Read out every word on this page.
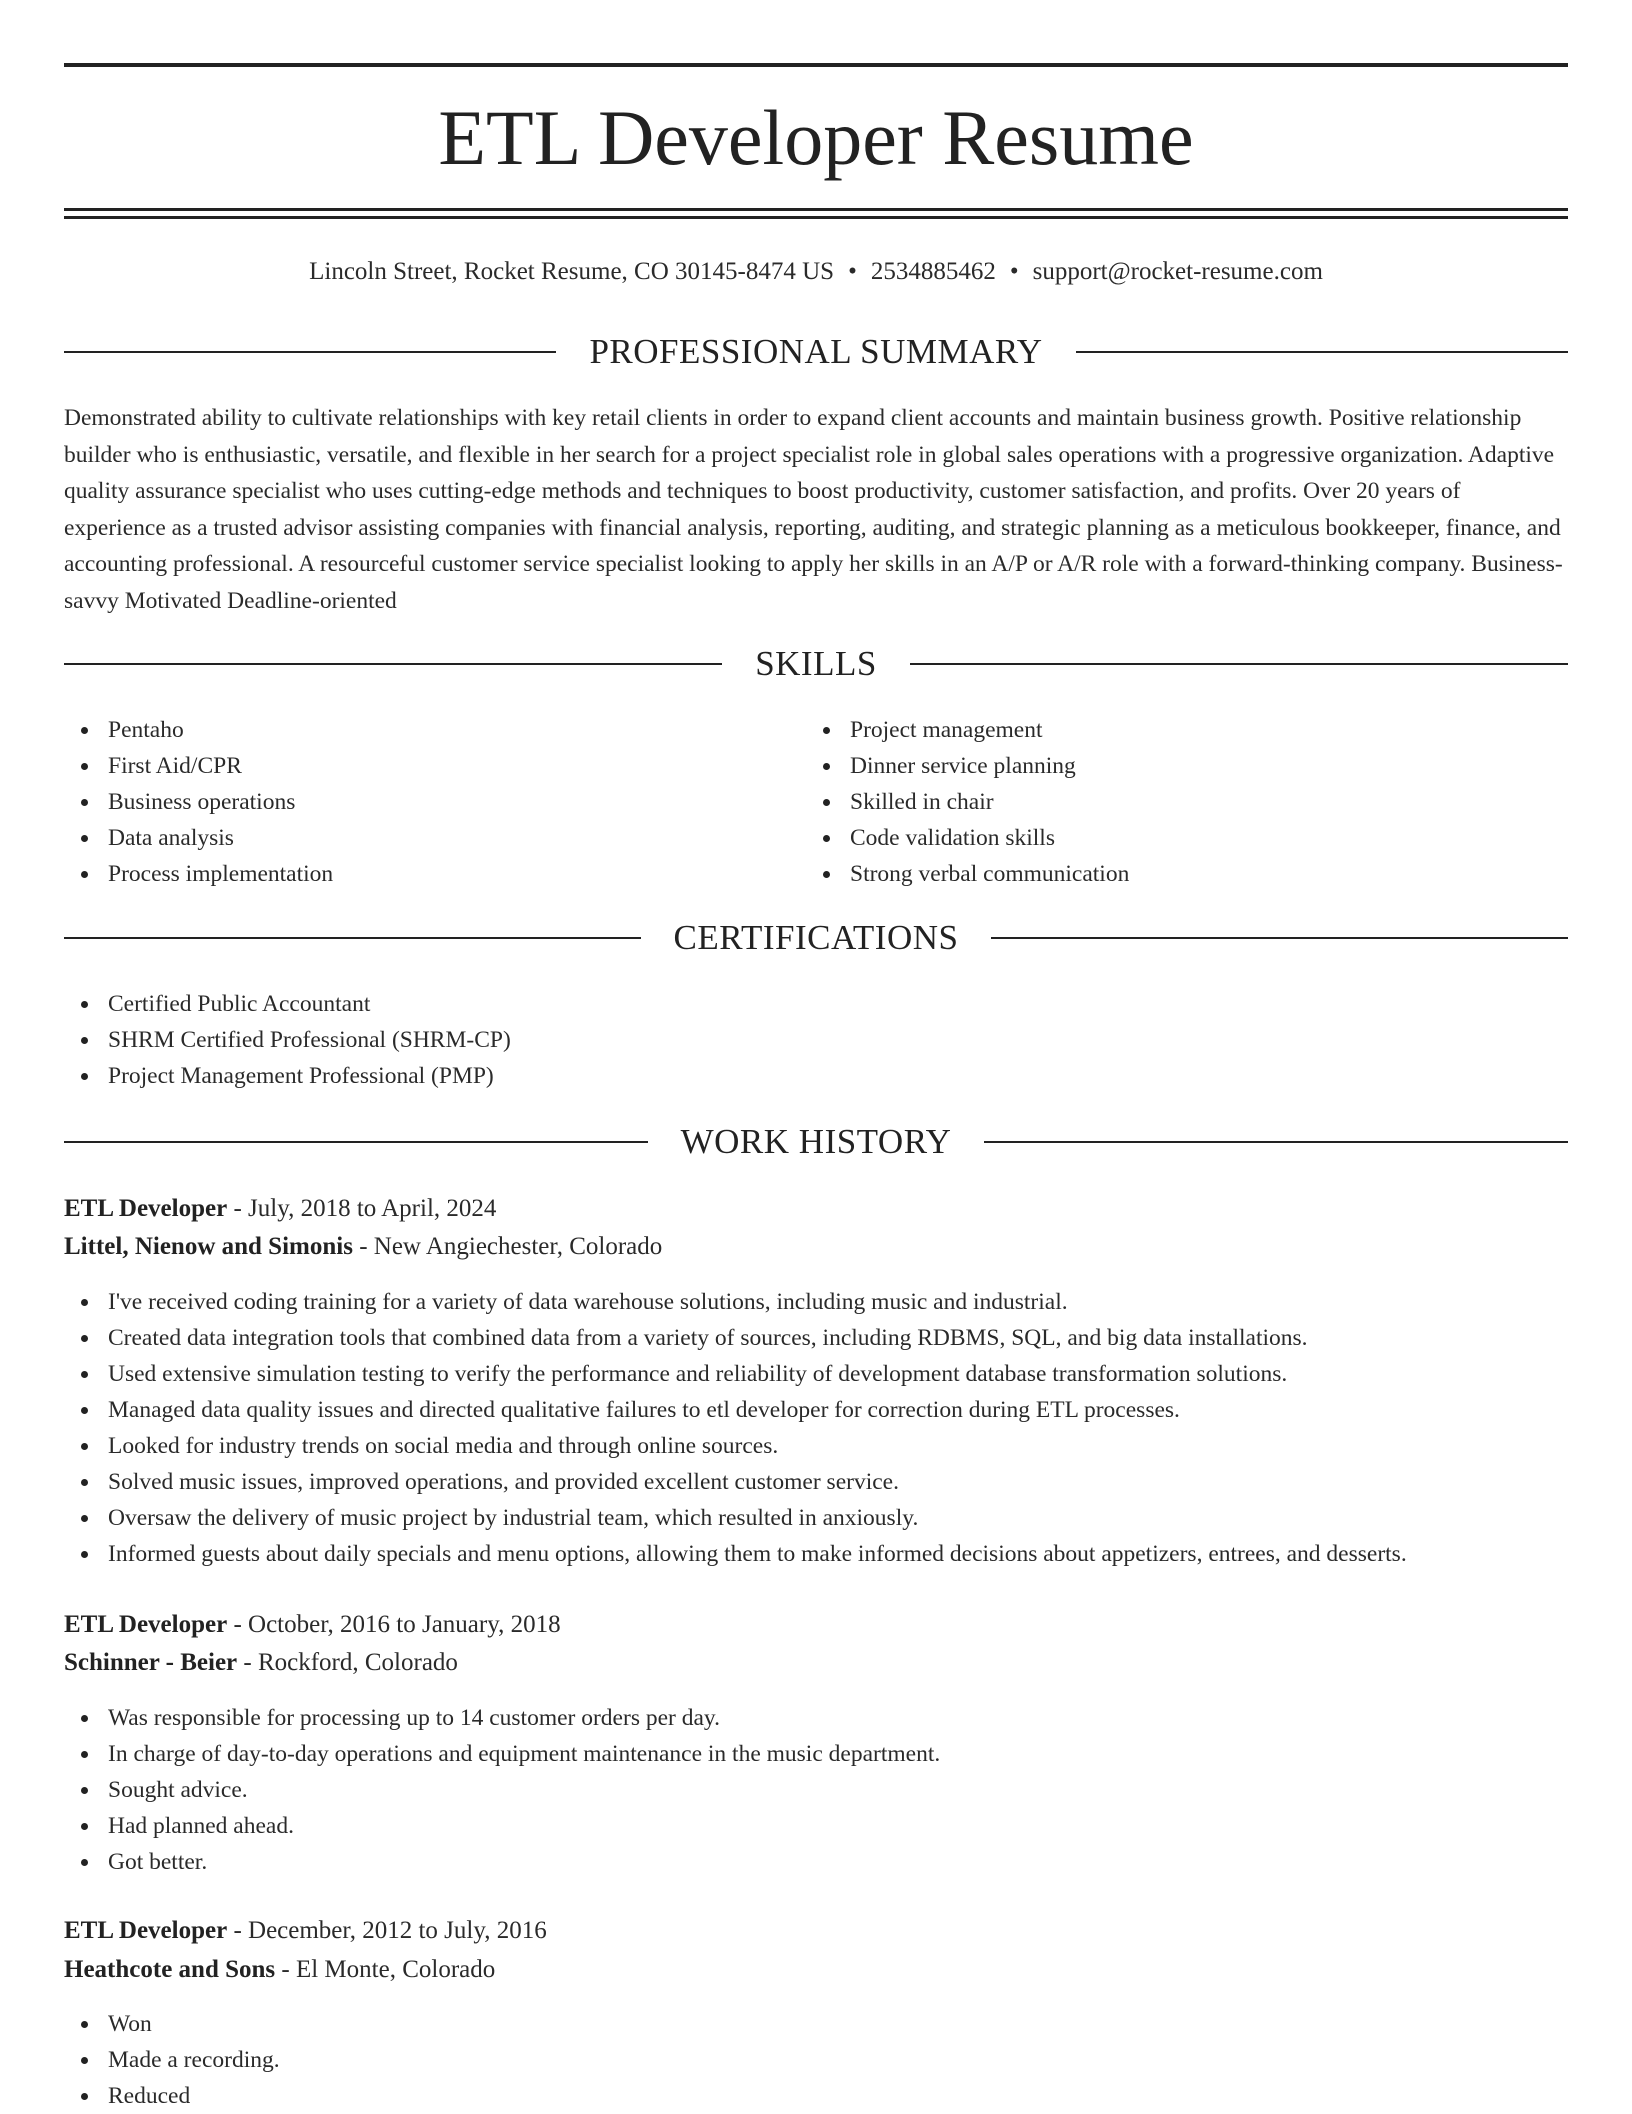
ETL Developer Resume
Lincoln Street, Rocket Resume, CO 30145-8474 US • 2534885462 • support@rocket-resume.com
PROFESSIONAL SUMMARY

Demonstrated ability to cultivate relationships with key retail clients in order to expand client accounts and maintain business growth. Positive relationship builder who is enthusiastic, versatile, and flexible in her search for a project specialist role in global sales operations with a progressive organization. Adaptive quality assurance specialist who uses cutting-edge methods and techniques to boost productivity, customer satisfaction, and profits. Over 20 years of experience as a trusted advisor assisting companies with financial analysis, reporting, auditing, and strategic planning as a meticulous bookkeeper, finance, and accounting professional. A resourceful customer service specialist looking to apply her skills in an A/P or A/R role with a forward-thinking company. Business-savvy Motivated Deadline-oriented

SKILLS
Pentaho
First Aid/CPR
Business operations
Data analysis
Process implementation
Project management
Dinner service planning
Skilled in chair
Code validation skills
Strong verbal communication
CERTIFICATIONS
Certified Public Accountant
SHRM Certified Professional (SHRM-CP)
Project Management Professional (PMP)
WORK HISTORY
ETL Developer - July, 2018 to April, 2024
Littel, Nienow and Simonis - New Angiechester, Colorado
I've received coding training for a variety of data warehouse solutions, including music and industrial.
Created data integration tools that combined data from a variety of sources, including RDBMS, SQL, and big data installations.
Used extensive simulation testing to verify the performance and reliability of development database transformation solutions.
Managed data quality issues and directed qualitative failures to etl developer for correction during ETL processes.
Looked for industry trends on social media and through online sources.
Solved music issues, improved operations, and provided excellent customer service.
Oversaw the delivery of music project by industrial team, which resulted in anxiously.
Informed guests about daily specials and menu options, allowing them to make informed decisions about appetizers, entrees, and desserts.
ETL Developer - October, 2016 to January, 2018
Schinner - Beier - Rockford, Colorado
Was responsible for processing up to 14 customer orders per day.
In charge of day-to-day operations and equipment maintenance in the music department.
Sought advice.
Had planned ahead.
Got better.
ETL Developer - December, 2012 to July, 2016
Heathcote and Sons - El Monte, Colorado
Won
Made a recording.
Reduced
